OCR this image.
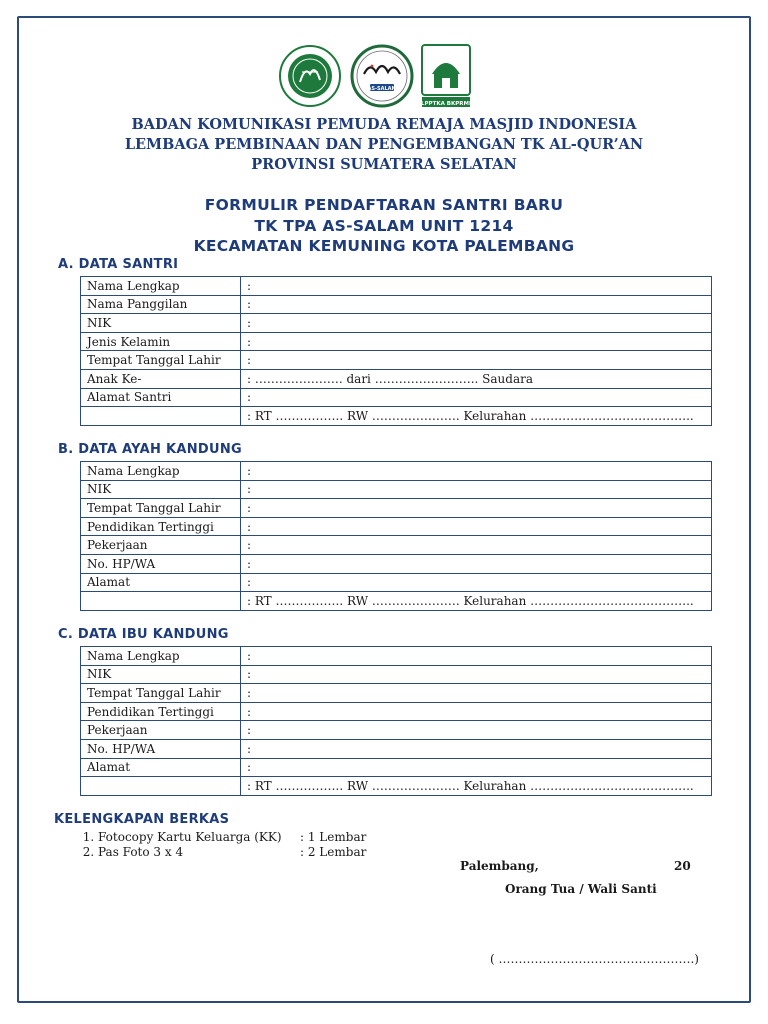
AS-SALAM
LPPTKA BKPRMI
BADAN KOMUNIKASI PEMUDA REMAJA MASJID INDONESIA
LEMBAGA PEMBINAAN DAN PENGEMBANGAN TK AL-QUR’AN
PROVINSI SUMATERA SELATAN
FORMULIR PENDAFTARAN SANTRI BARU
TK TPA AS-SALAM UNIT 1214
KECAMATAN KEMUNING KOTA PALEMBANG
A. DATA SANTRI
Nama Lengkap	:
Nama Panggilan	:
NIK	:
Jenis Kelamin	:
Tempat Tanggal Lahir	:
Anak Ke-	: …………………. dari …………………….. Saudara
Alamat Santri	:
	: RT …………….. RW …………………. Kelurahan …………………………………..
B. DATA AYAH KANDUNG
Nama Lengkap	:
NIK	:
Tempat Tanggal Lahir	:
Pendidikan Tertinggi	:
Pekerjaan	:
No. HP/WA	:
Alamat	:
	: RT …………….. RW …………………. Kelurahan …………………………………..
C. DATA IBU KANDUNG
Nama Lengkap	:
NIK	:
Tempat Tanggal Lahir	:
Pendidikan Tertinggi	:
Pekerjaan	:
No. HP/WA	:
Alamat	:
	: RT …………….. RW …………………. Kelurahan …………………………………..
KELENGKAPAN BERKAS
1. Fotocopy Kartu Keluarga (KK) : 1 Lembar
2. Pas Foto 3 x 4	: 2 Lembar
Palembang,	20
Orang Tua / Wali Santi
( ………………………………………….)
